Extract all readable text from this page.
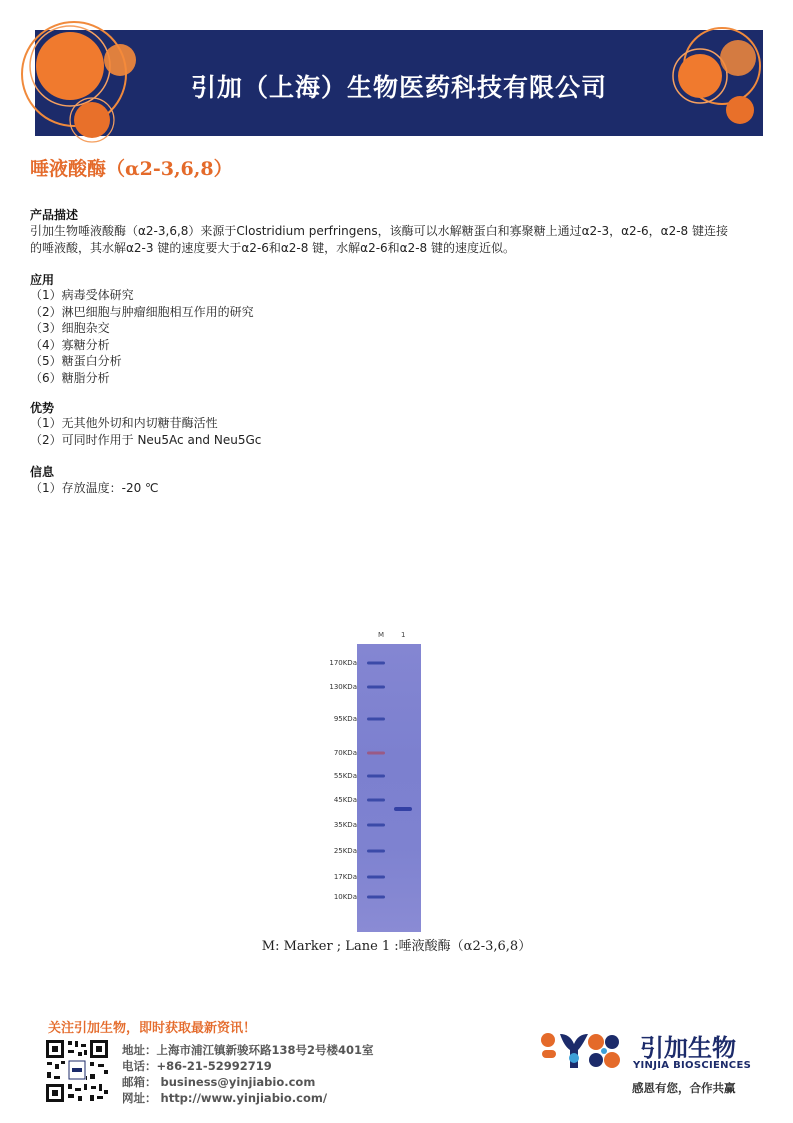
引加（上海）生物医药科技有限公司
唾液酸酶（α2-3,6,8）
产品描述
引加生物唾液酸酶（α2-3,6,8）来源于Clostridium perfringens，该酶可以水解糖蛋白和寡聚糖上通过α2-3，α2-6，α2-8 键连接
的唾液酸，其水解α2-3 键的速度要大于α2-6和α2-8 键，水解α2-6和α2-8 键的速度近似。
应用
（1）病毒受体研究
（2）淋巴细胞与肿瘤细胞相互作用的研究
（3）细胞杂交
（4）寡糖分析
（5）糖蛋白分析
（6）糖脂分析
优势
（1）无其他外切和内切糖苷酶活性
（2）可同时作用于 Neu5Ac and Neu5Gc
信息
（1）存放温度：-20 ℃
M 1
170KDa
130KDa
95KDa
70KDa
55KDa
45KDa
35KDa
25KDa
17KDa
10KDa
M: Marker ; Lane 1 :唾液酸酶（α2-3,6,8）
关注引加生物，即时获取最新资讯！
地址：上海市浦江镇新骏环路138号2号楼401室
电话：+86-21-52992719
邮箱： business@yinjiabio.com
网址： http://www.yinjiabio.com/
引加生物
YINJIA BIOSCIENCES
感恩有您，合作共赢
